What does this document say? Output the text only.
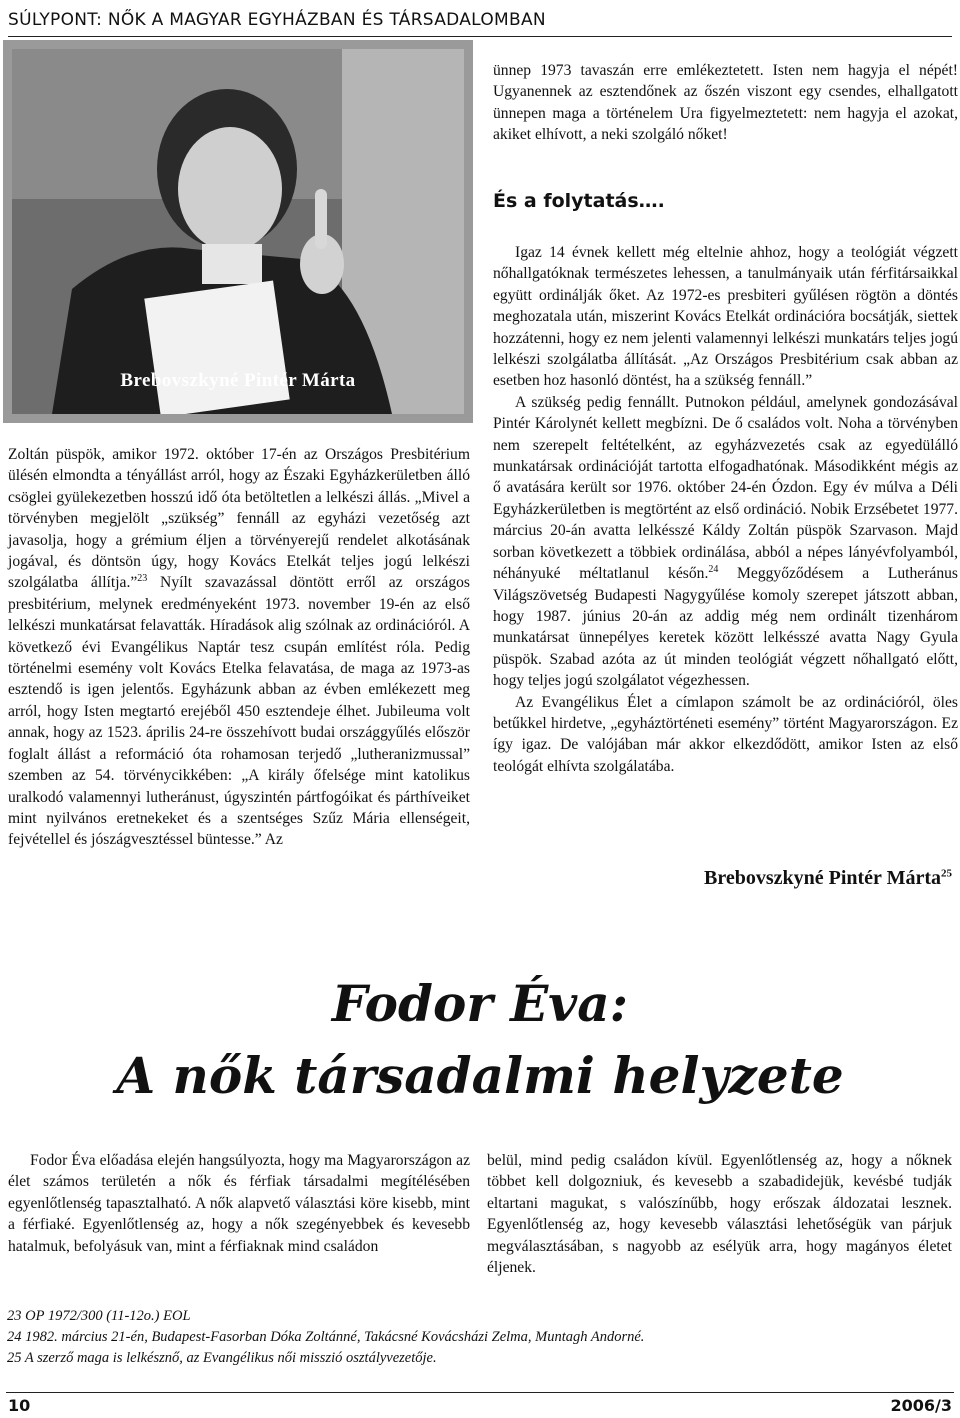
SÚLYPONT: NŐK A MAGYAR EGYHÁZBAN ÉS TÁRSADALOMBAN
Brebovszkyné Pintér Márta

ünnep 1973 tavaszán erre emlékeztetett. Isten nem hagyja el népét! Ugyanennek az esztendőnek az őszén viszont egy csendes, elhallgatott ünnepen maga a történelem Ura figyelmeztetett: nem hagyja el azokat, akiket elhívott, a neki szolgáló nőket!

És a folytatás….

Zoltán püspök, amikor 1972. október 17-én az Országos Presbitérium ülésén elmondta a tényállást arról, hogy az Északi Egyházkerületben álló csöglei gyülekezetben hosszú idő óta betöltetlen a lelkészi állás. „Mivel a törvényben megjelölt „szükség” fennáll az egyházi vezetőség azt javasolja, hogy a grémium éljen a törvényerejű rendelet alkotásának jogával, és döntsön úgy, hogy Kovács Etelkát teljes jogú lelkészi szolgálatba állítja.”$^{23}$ Nyílt szavazással döntött erről az országos presbitérium, melynek eredményeként 1973. november 19-én az első lelkészi munkatársat felavatták. Híradások alig szólnak az ordinációról. A következő évi Evangélikus Naptár tesz csupán említést róla. Pedig történelmi esemény volt Kovács Etelka felavatása, de maga az 1973-as esztendő is igen jelentős. Egyházunk abban az évben emlékezett meg arról, hogy Isten megtartó erejéből 450 esztendeje élhet. Jubileuma volt annak, hogy az 1523. április 24-re összehívott budai országgyűlés először foglalt állást a reformáció óta rohamosan terjedő „lutheranizmussal” szemben az 54. törvénycikkében: „A király őfelsége mint katolikus uralkodó valamennyi lutheránust, úgyszintén pártfogóikat és párthíveiket mint nyilvános eretnekeket és a szentséges Szűz Mária ellenségeit, fejvétellel és jószágvesztéssel büntesse.” Az

Igaz 14 évnek kellett még eltelnie ahhoz, hogy a teológiát végzett nőhallgatóknak természetes lehessen, a tanulmányaik után férfitársaikkal együtt ordinálják őket. Az 1972-es presbiteri gyűlésen rögtön a döntés meghozatala után, miszerint Kovács Etelkát ordinációra bocsátják, siettek hozzátenni, hogy ez nem jelenti valamennyi lelkészi munkatárs teljes jogú lelkészi szolgálatba állítását. „Az Országos Presbitérium csak abban az esetben hoz hasonló döntést, ha a szükség fennáll.”

A szükség pedig fennállt. Putnokon például, amelynek gondozásával Pintér Károlynét kellett megbízni. De ő családos volt. Noha a törvényben nem szerepelt feltételként, az egyházvezetés csak az egyedülálló munkatársak ordinációját tartotta elfogadhatónak. Másodikként mégis az ő avatására került sor 1976. október 24-én Ózdon. Egy év múlva a Déli Egyházkerületben is megtörtént az első ordináció. Nobik Erzsébetet 1977. március 20-án avatta lelkésszé Káldy Zoltán püspök Szarvason. Majd sorban következett a többiek ordinálása, abból a népes lányévfolyamból, néhányuké méltatlanul későn.$^{24}$ Meggyőződésem a Lutheránus Világszövetség Budapesti Nagygyűlése komoly szerepet játszott abban, hogy 1987. június 20-án az addig még nem ordinált tizenhárom munkatársat ünnepélyes keretek között lelkésszé avatta Nagy Gyula püspök. Szabad azóta az út minden teológiát végzett nőhallgató előtt, hogy teljes jogú szolgálatot végezhessen.

Az Evangélikus Élet a címlapon számolt be az ordinációról, öles betűkkel hirdetve, „egyháztörténeti esemény” történt Magyarországon. Ez így igaz. De valójában már akkor elkezdődött, amikor Isten az első teológát elhívta szolgálatába.

Brebovszkyné Pintér Márta$^{25}$
Fodor Éva:
A nők társadalmi helyzete

Fodor Éva előadása elején hangsúlyozta, hogy ma Magyarországon az élet számos területén a nők és férfiak társadalmi megítélésében egyenlőtlenség tapasztalható. A nők alapvető választási köre kisebb, mint a férfiaké. Egyenlőtlenség az, hogy a nők szegényebbek és kevesebb hatalmuk, befolyásuk van, mint a férfiaknak mind családon

belül, mind pedig családon kívül. Egyenlőtlenség az, hogy a nőknek többet kell dolgozniuk, és kevesebb a szabadidejük, kevésbé tudják eltartani magukat, s valószínűbb, hogy erőszak áldozatai lesznek. Egyenlőtlenség az, hogy kevesebb választási lehetőségük van párjuk megválasztásában, s nagyobb az esélyük arra, hogy magányos életet éljenek.

23 OP 1972/300 (11-12o.) EOL
24 1982. március 21-én, Budapest-Fasorban Dóka Zoltánné, Takácsné Kovácsházi Zelma, Muntagh Andorné.
25 A szerző maga is lelkésznő, az Evangélikus női misszió osztályvezetője.
10	2006/3
